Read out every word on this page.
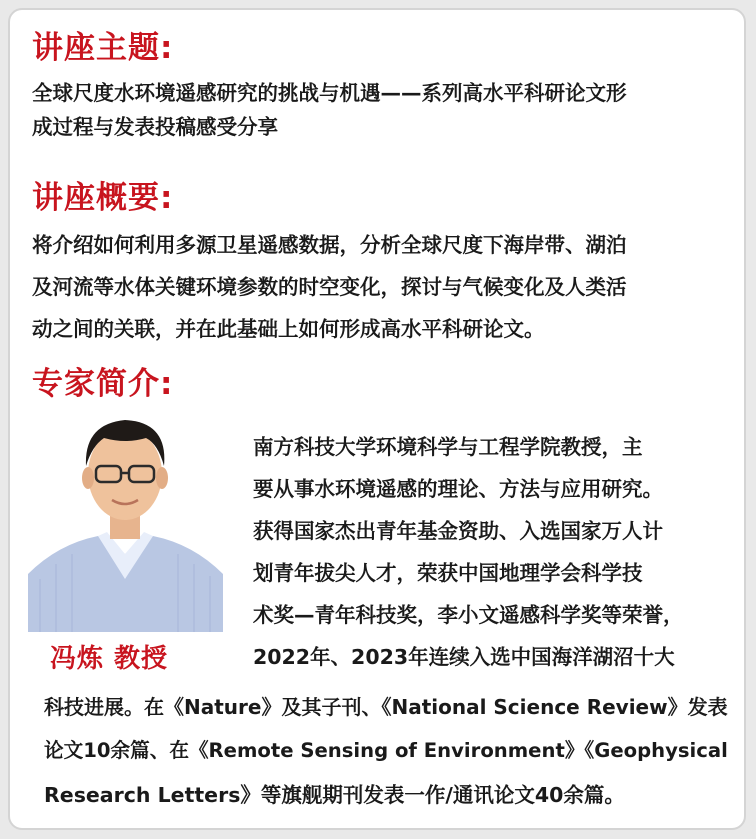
讲座主题:
全球尺度水环境遥感研究的挑战与机遇——系列高水平科研论文形
成过程与发表投稿感受分享
讲座概要:
将介绍如何利用多源卫星遥感数据，分析全球尺度下海岸带、湖泊
及河流等水体关键环境参数的时空变化，探讨与气候变化及人类活
动之间的关联，并在此基础上如何形成高水平科研论文。
专家简介:
冯炼 教授
南方科技大学环境科学与工程学院教授，主
要从事水环境遥感的理论、方法与应用研究。
获得国家杰出青年基金资助、入选国家万人计
划青年拔尖人才，荣获中国地理学会科学技
术奖—青年科技奖，李小文遥感科学奖等荣誉，
2022年、2023年连续入选中国海洋湖沼十大
科技进展。在《Nature》及其子刊、《National Science Review》发表
论文10余篇、在《Remote Sensing of Environment》《Geophysical
Research Letters》等旗舰期刊发表一作/通讯论文40余篇。
